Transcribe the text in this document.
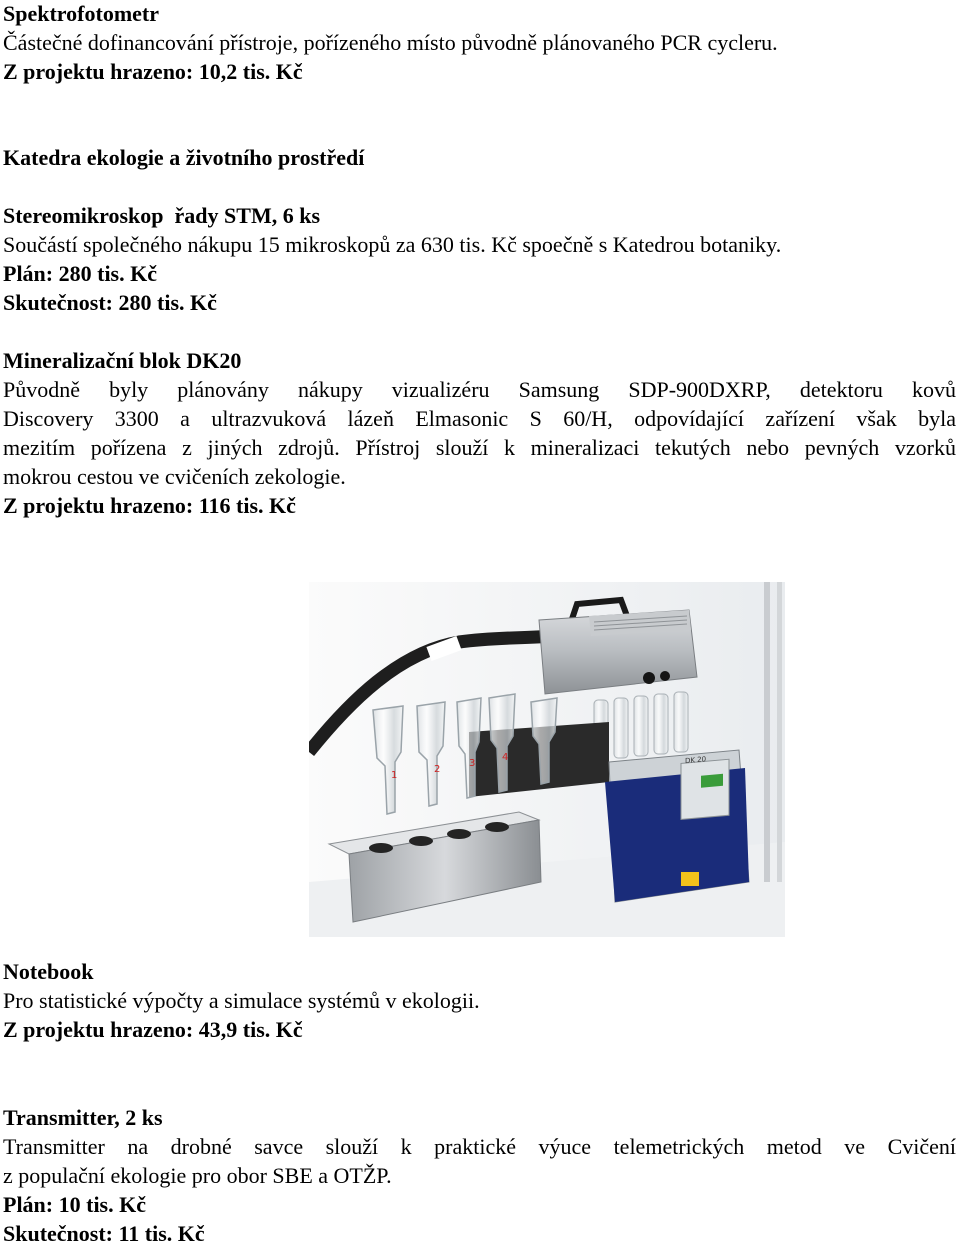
Spektrofotometr
Částečné dofinancování přístroje, pořízeného místo původně plánovaného PCR cycleru.
Z projektu hrazeno: 10,2 tis. Kč
Katedra ekologie a životního prostředí
Stereomikroskop  řady STM, 6 ks
Součástí společného nákupu 15 mikroskopů za 630 tis. Kč spoečně s Katedrou botaniky.
Plán: 280 tis. Kč
Skutečnost: 280 tis. Kč
Mineralizační blok DK20
Původně byly plánovány nákupy vizualizéru Samsung SDP-900DXRP, detektoru kovů
Discovery 3300 a ultrazvuková lázeň Elmasonic S 60/H, odpovídající zařízení však byla
mezitím pořízena z jiných zdrojů. Přístroj slouží k mineralizaci tekutých nebo pevných vzorků
mokrou cestou ve cvičeních zekologie.
Z projektu hrazeno: 116 tis. Kč
DK 20
1
2
3
4
Notebook
Pro statistické výpočty a simulace systémů v ekologii.
Z projektu hrazeno: 43,9 tis. Kč
Transmitter, 2 ks
Transmitter na drobné savce slouží k praktické výuce telemetrických metod ve Cvičení
z populační ekologie pro obor SBE a OTŽP.
Plán: 10 tis. Kč
Skutečnost: 11 tis. Kč
